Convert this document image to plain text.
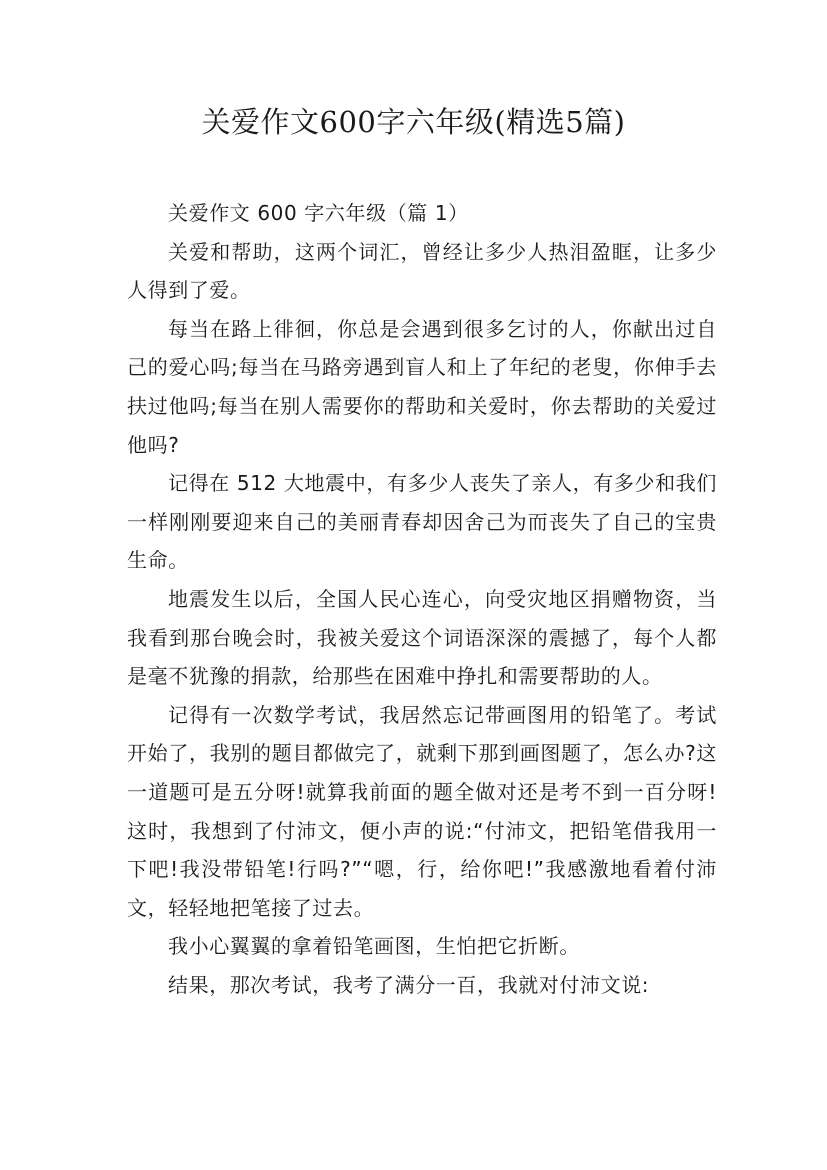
关爱作文600字六年级(精选5篇)

关爱作文 600 字六年级（篇 1）

关爱和帮助，这两个词汇，曾经让多少人热泪盈眶，让多少人得到了爱。

每当在路上徘徊，你总是会遇到很多乞讨的人，你献出过自己的爱心吗;每当在马路旁遇到盲人和上了年纪的老叟，你伸手去扶过他吗;每当在别人需要你的帮助和关爱时，你去帮助的关爱过他吗?

记得在 512 大地震中，有多少人丧失了亲人，有多少和我们一样刚刚要迎来自己的美丽青春却因舍己为而丧失了自己的宝贵生命。

地震发生以后，全国人民心连心，向受灾地区捐赠物资，当我看到那台晚会时，我被关爱这个词语深深的震撼了，每个人都是毫不犹豫的捐款，给那些在困难中挣扎和需要帮助的人。

记得有一次数学考试，我居然忘记带画图用的铅笔了。考试开始了，我别的题目都做完了，就剩下那到画图题了，怎么办?这一道题可是五分呀!就算我前面的题全做对还是考不到一百分呀!这时，我想到了付沛文，便小声的说:“付沛文，把铅笔借我用一下吧!我没带铅笔!行吗?”“嗯，行，给你吧!”我感激地看着付沛文，轻轻地把笔接了过去。

我小心翼翼的拿着铅笔画图，生怕把它折断。

结果，那次考试，我考了满分一百，我就对付沛文说:
